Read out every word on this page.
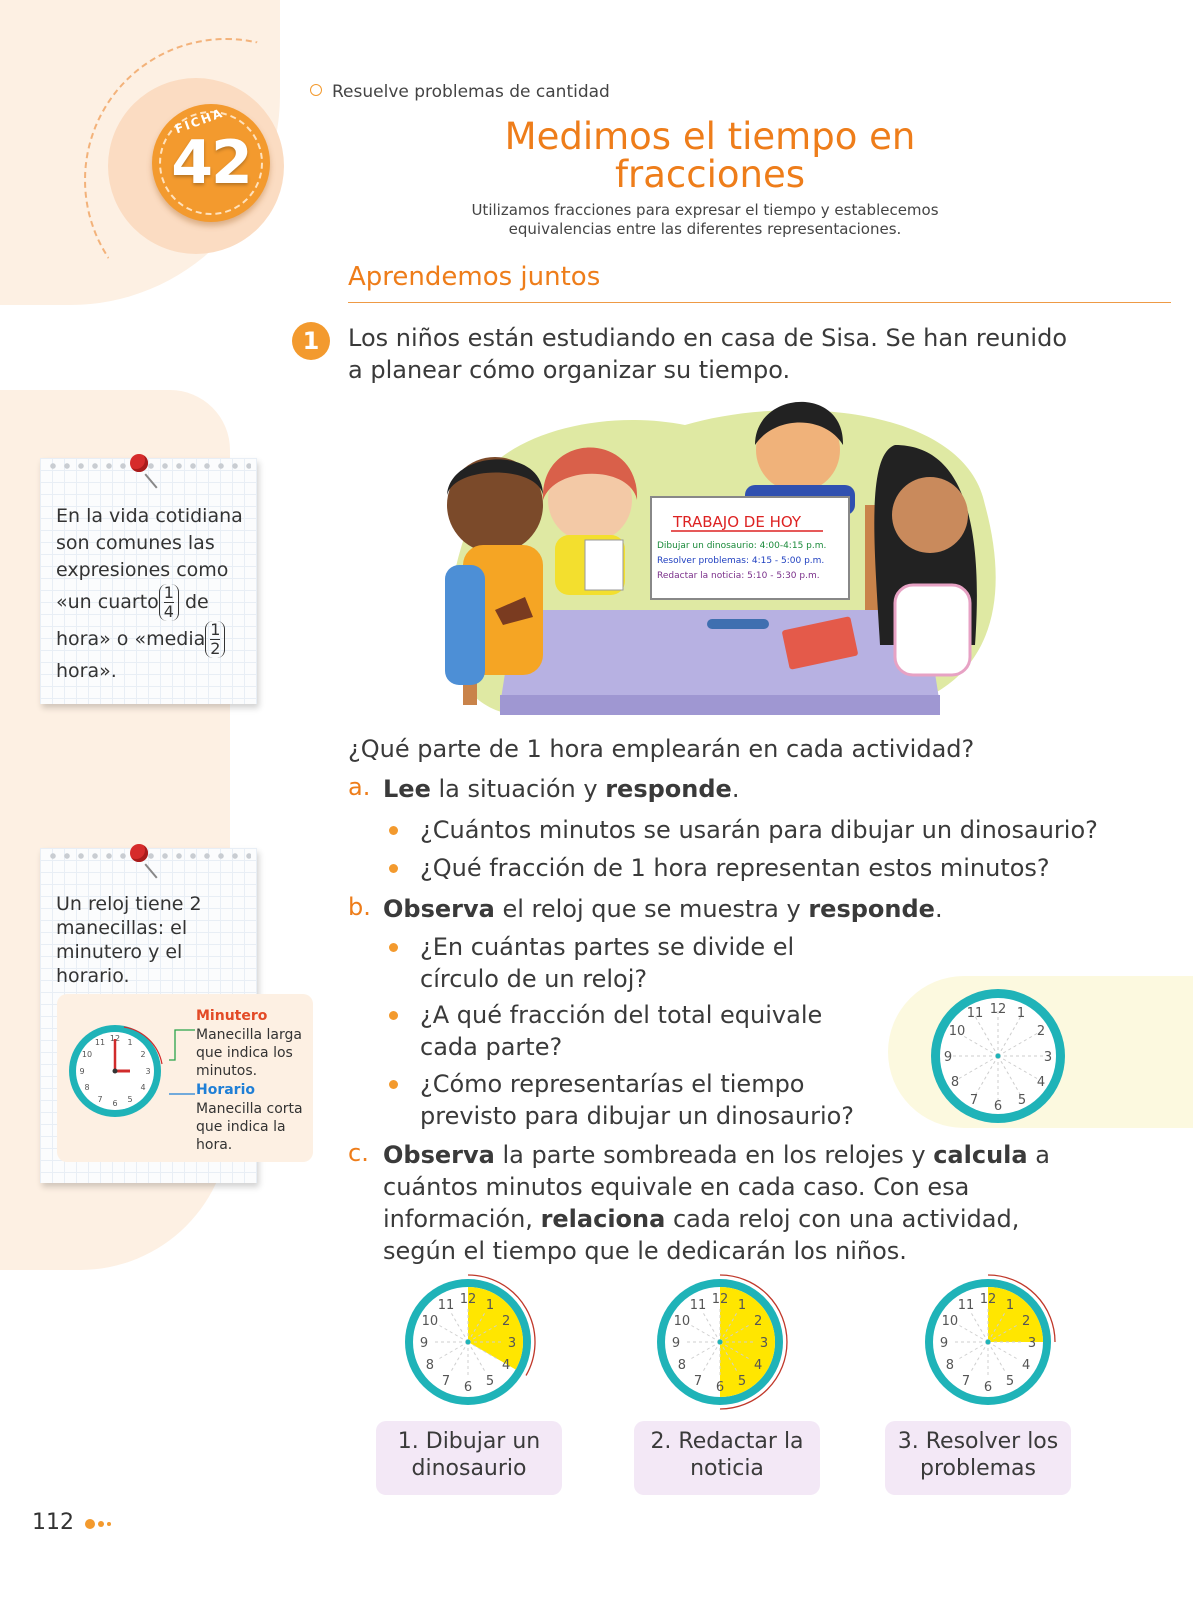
FICHA
42
Resuelve problemas de cantidad
Medimos el tiempo en fracciones
Utilizamos fracciones para expresar el tiempo y establecemos equivalencias entre las diferentes representaciones.
Aprendemos juntos
1	Los niños están estudiando en casa de Sisa. Se han reunido a planear cómo organizar su tiempo.
TRABAJO DE HOY
Dibujar un dinosaurio: 4:00-4:15 p.m.
Resolver problemas: 4:15 - 5:00 p.m.
Redactar la noticia: 5:10 - 5:30 p.m.
En la vida cotidiana son comunes las expresiones como «un cuarto $\frac{1}{4}$ de hora» o «media $\frac{1}{2}$
hora».
Un reloj tiene 2 manecillas: el minutero y el horario.
12 1
2
3
4
5
6
7
8
9
10
11
Minutero
Manecilla larga que indica los minutos.
Horario
Manecilla corta que indica la hora.
¿Qué parte de 1 hora emplearán en cada actividad?
a. Lee la situación y responde.
¿Cuántos minutos se usarán para dibujar un dinosaurio?
¿Qué fracción de 1 hora representan estos minutos?
b. Observa el reloj que se muestra y responde.
¿En cuántas partes se divide el círculo de un reloj?
¿A qué fracción del total equivale cada parte?
¿Cómo representarías el tiempo previsto para dibujar un dinosaurio?
12 1
2
3
4
5
6
7
8
9
10
11
c. Observa la parte sombreada en los relojes y calcula a cuántos minutos equivale en cada caso. Con esa información, relaciona cada reloj con una actividad, según el tiempo que le dedicarán los niños.
12 1
2
3
4
5
6
7
8
9
10
11	12 1
2
3
4
5
6
7
8
9
10
11	12 1
2
3
4
5
6
7
8
9
10
11
1. Dibujar un dinosaurio
2. Redactar la noticia
3. Resolver los problemas
112
